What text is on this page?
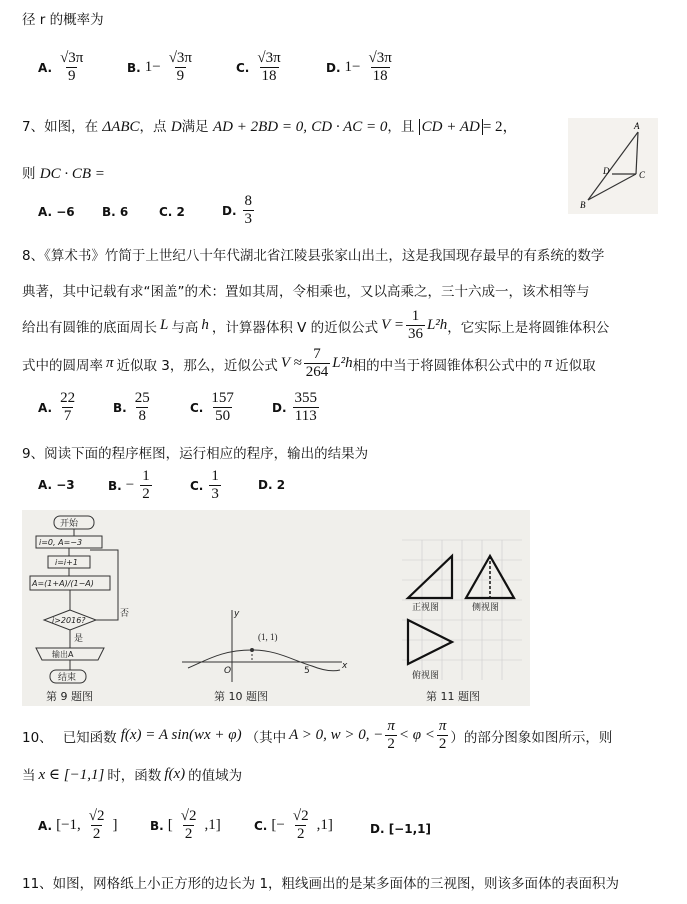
径 r 的概率为
A. $\frac{√3\pi}{9}$	B. $1- \frac{√3\pi}{9}$	C. $\frac{√3\pi}{18}$	D. $1- \frac{√3\pi}{18}$
7、如图，在 ΔABC，点 D满足 AD + 2BD = 0, CD · AC = 0，且 CD + AD = 2，
则 DC · CB =
A. −6 B. 6	C. 2	D. $\frac{8}{3}$
A
D	C
B
8、《算术书》竹简于上世纪八十年代湖北省江陵县张家山出土，这是我国现存最早的有系统的数学
典著，其中记载有求“囷盖”的术：置如其周，令相乘也，又以高乘之，三十六成一，该术相等与
给出有圆锥的底面周长 L 与高 h ，计算器体积 V 的近似公式 $V = \frac{1}{36} L^2h$ ，它实际上是将圆锥体积公
式中的圆周率 π 近似取 3，那么，近似公式 $V \approx \frac{7}{264} L^2h$ 相的中当于将圆锥体积公式中的 π 近似取
A. $\frac{22}{7}$	B. $\frac{25}{8}$	C. $\frac{157}{50}$	D. $\frac{355}{113}$
9、阅读下面的程序框图，运行相应的程序，输出的结果为
A. −3	B. − $\frac{1}{2}$	C. $\frac{1}{3}$	D. 2
开始
i=0, A=−3
i=i+1
A=(1+A)/(1−A)
i>2016?
否
是
输出A
结束
第 9 题图
(1, 1)
O	5	x
y
第 10 题图
正视图	侧视图
俯视图
第 11 题图
10、 已知函数 f(x) = A sin(wx + φ) （其中 A > 0, w > 0, − $\frac{\pi}{2} < \varphi < \frac{\pi}{2}$ ）的部分图象如图所示，则
当 x ∈ [−1,1] 时，函数 f(x) 的值域为
A. [−1, $\frac{√2}{2}$ ]	B. [ $\frac{√2}{2} ,1$]	C. [− $\frac{√2}{2} ,1$]	D. [−1,1]
11、如图，网格纸上小正方形的边长为 1，粗线画出的是某多面体的三视图，则该多面体的表面积为
